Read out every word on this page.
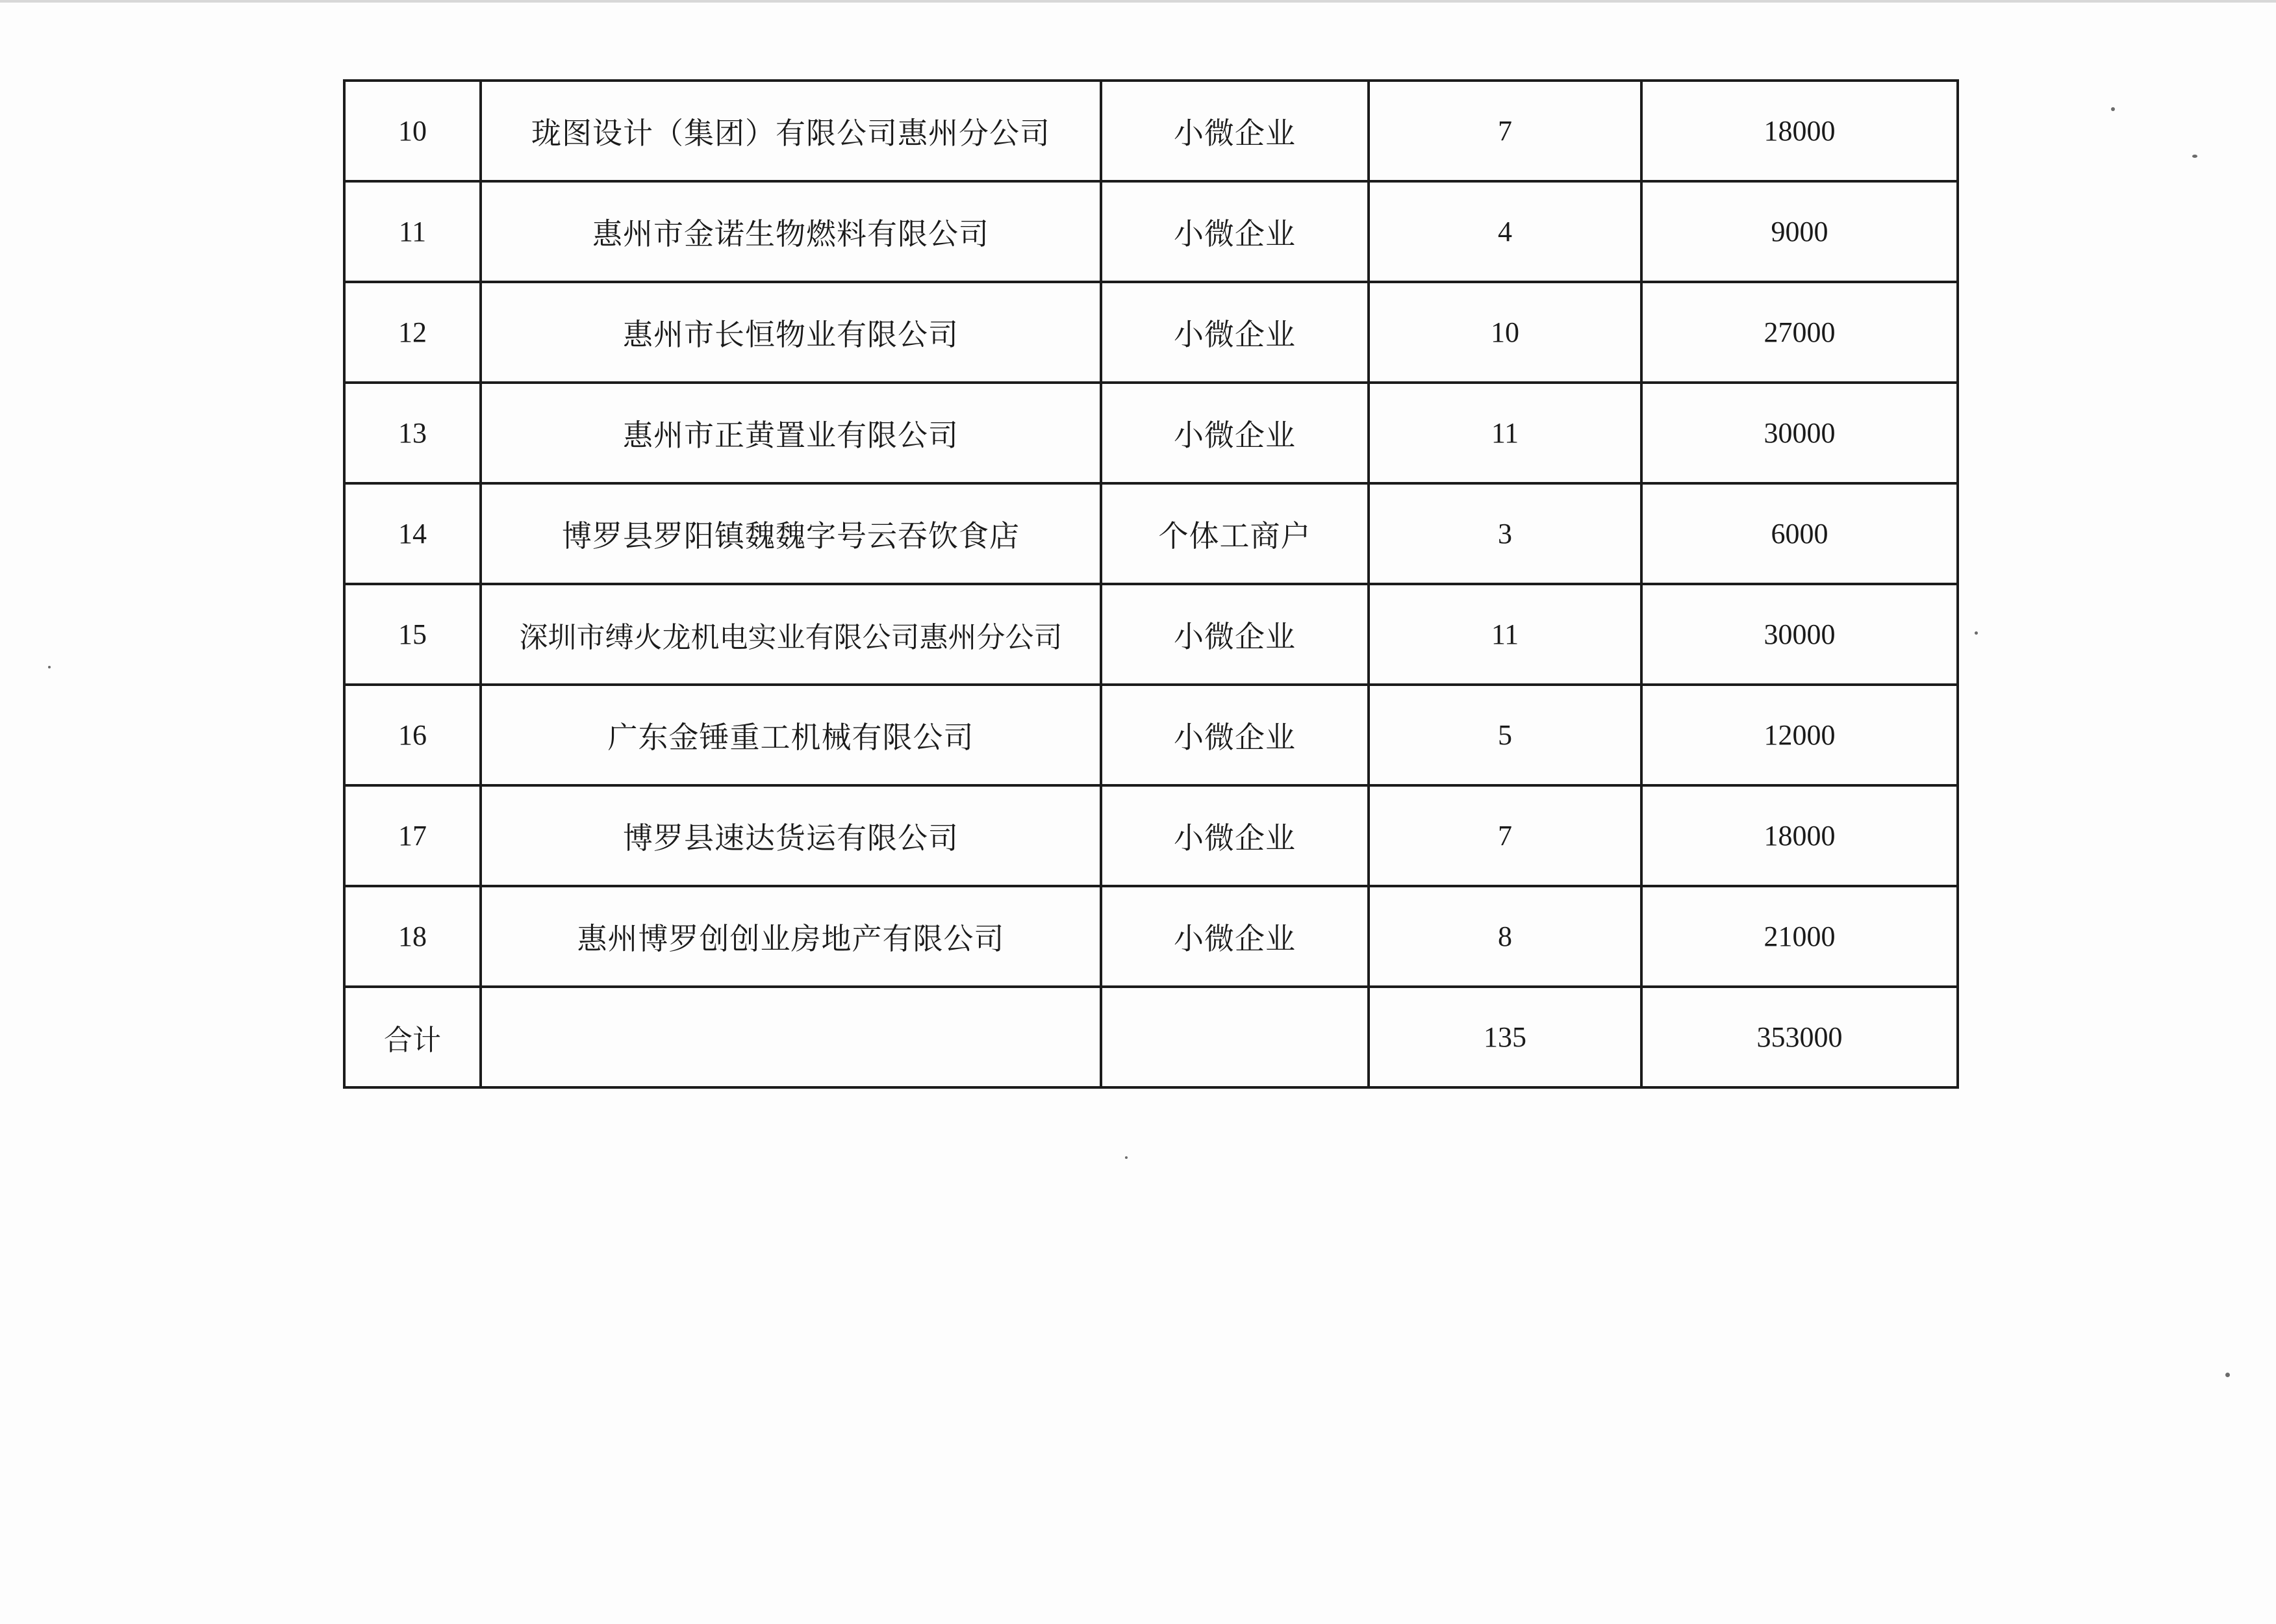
10	珑图设计（集团）有限公司惠州分公司	小微企业	7	18000
11	惠州市金诺生物燃料有限公司	小微企业	4	9000
12	惠州市长恒物业有限公司	小微企业	10	27000
13	惠州市正黄置业有限公司	小微企业	11	30000
14	博罗县罗阳镇魏魏字号云吞饮食店	个体工商户	3	6000
15	深圳市缚火龙机电实业有限公司惠州分公司	小微企业	11	30000
16	广东金锤重工机械有限公司	小微企业	5	12000
17	博罗县速达货运有限公司	小微企业	7	18000
18	惠州博罗创创业房地产有限公司	小微企业	8	21000
合计			135	353000
